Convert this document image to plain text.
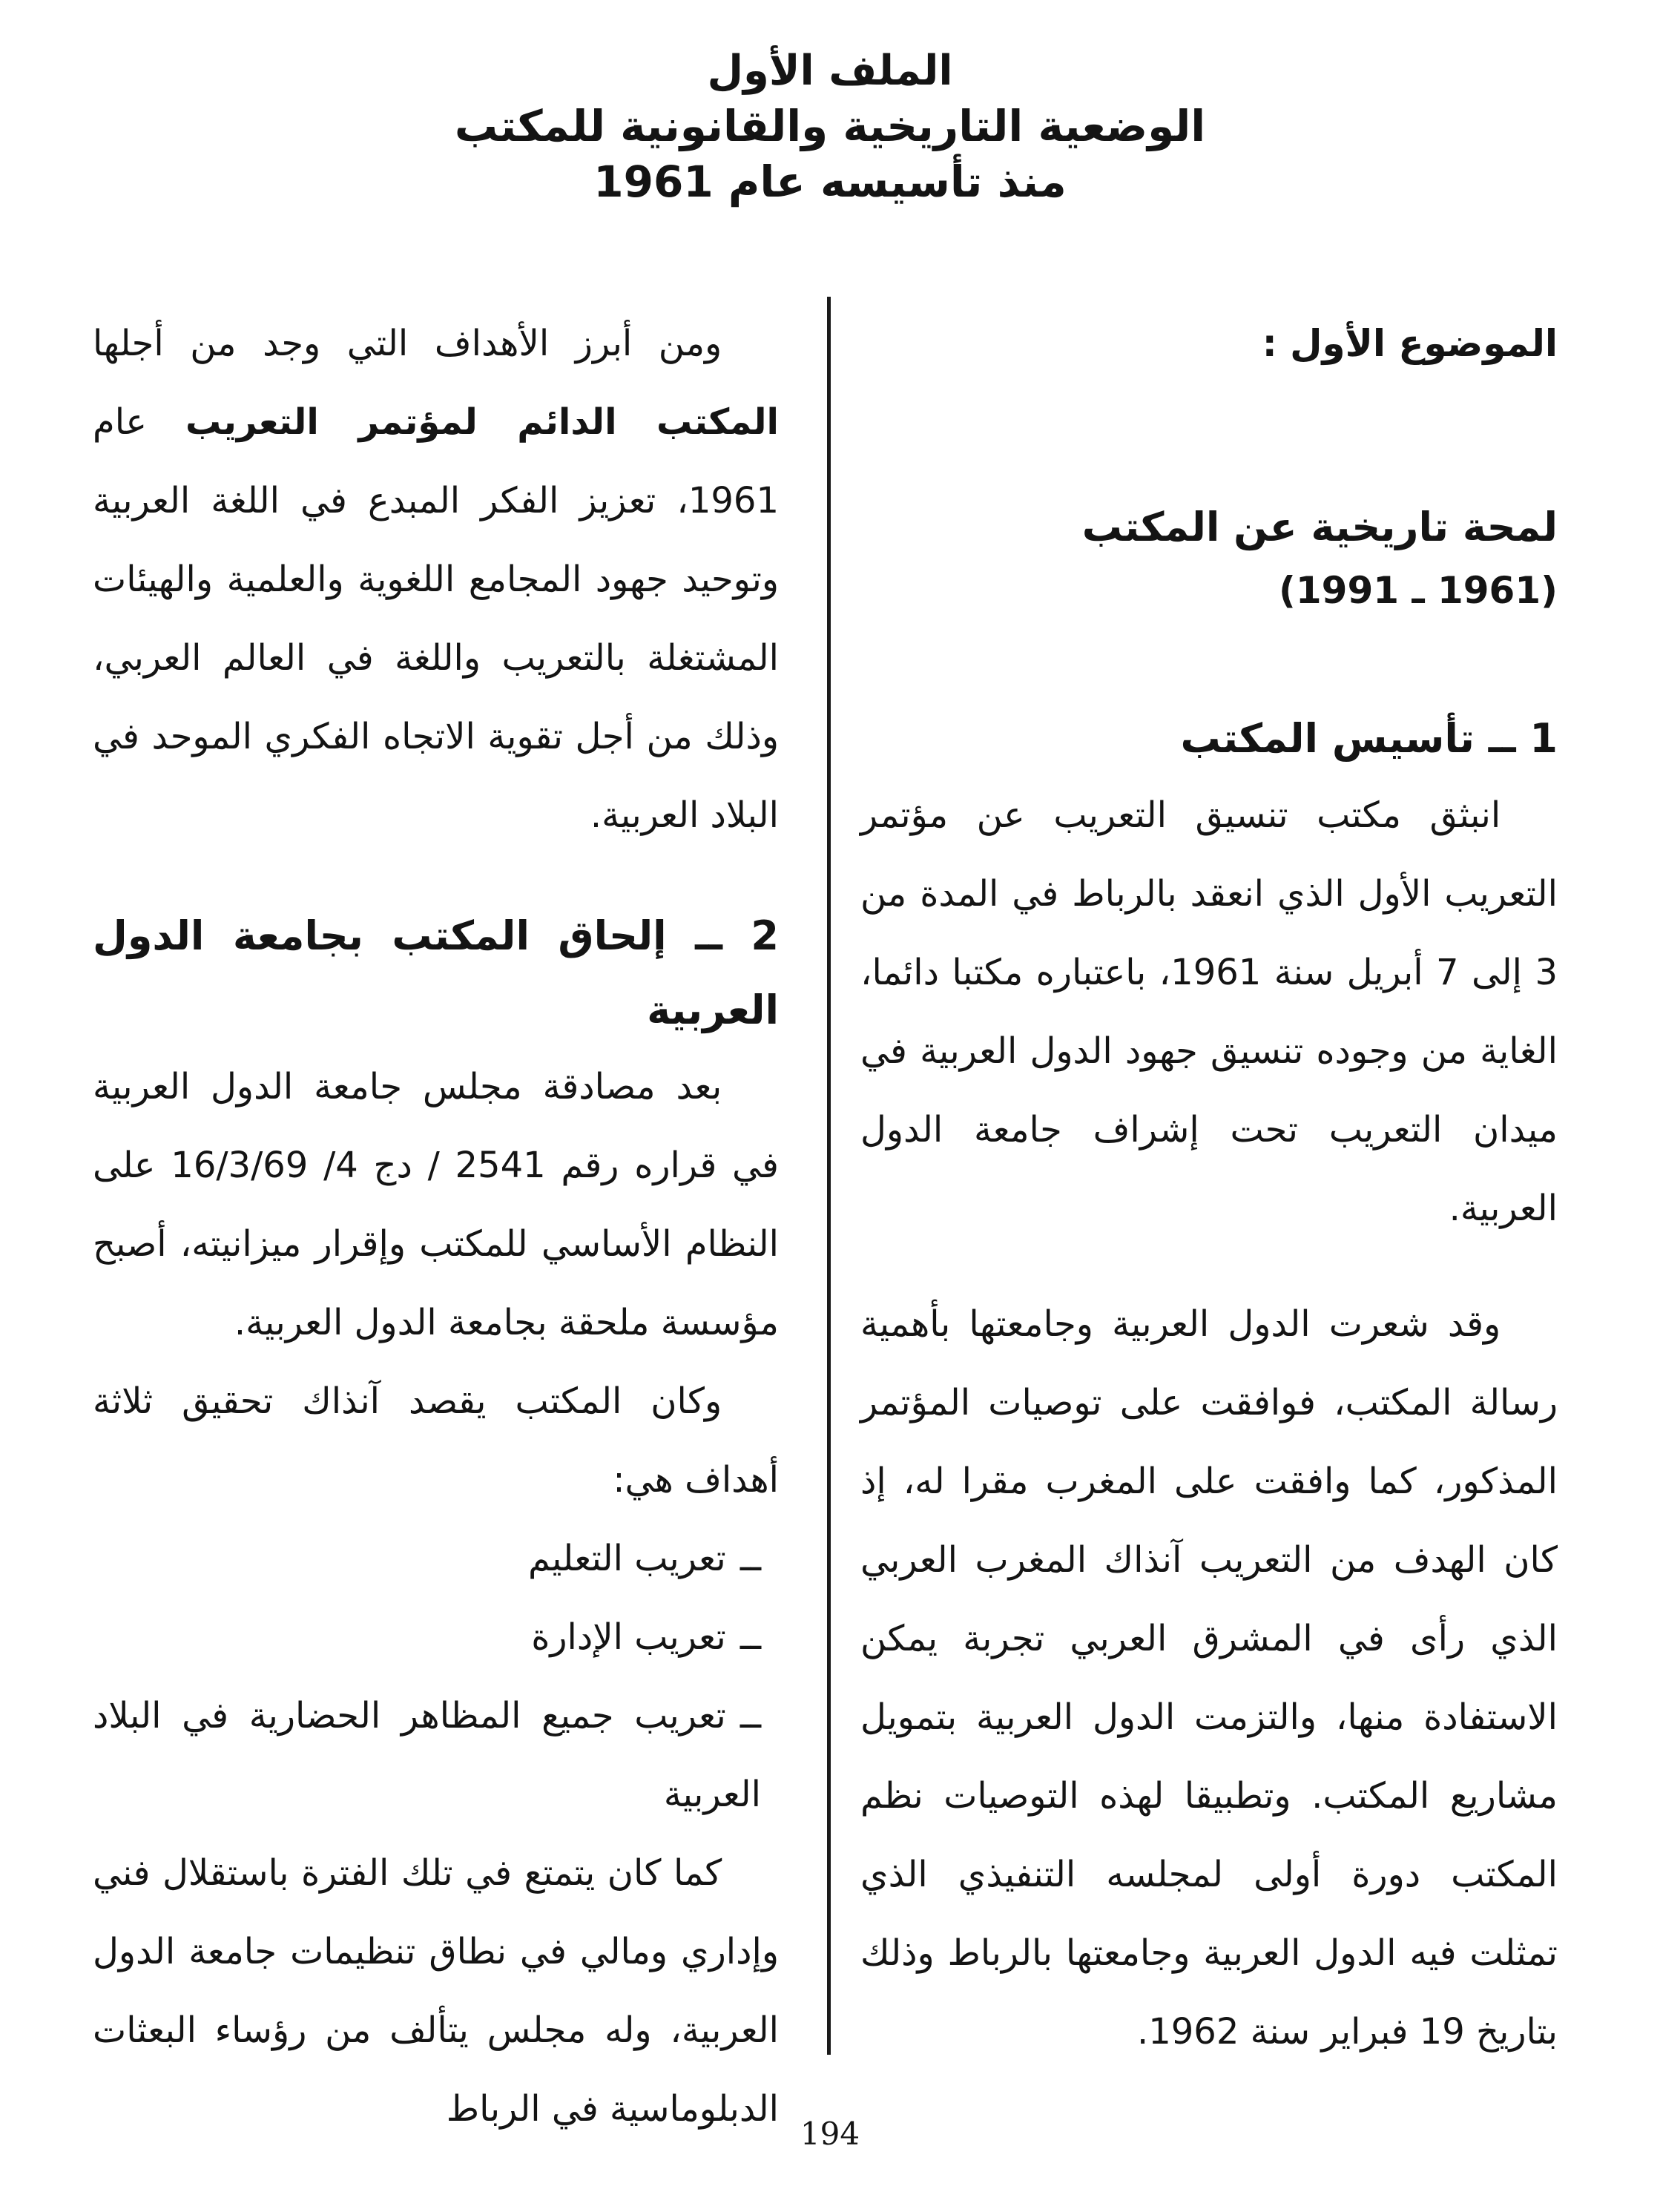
الملف الأول
الوضعية التاريخية والقانونية للمكتب
منذ تأسيسه عام 1961
الموضوع الأول :
لمحة تاريخية عن المكتب
(1961 ـ 1991)
1 ــ تأسيس المكتب

انبثق مكتب تنسيق التعريب عن مؤتمر التعريب الأول الذي انعقد بالرباط في المدة من 3 إلى 7 أبريل سنة 1961، باعتباره مكتبا دائما، الغاية من وجوده تنسيق جهود الدول العربية في ميدان التعريب تحت إشراف جامعة الدول العربية.

وقد شعرت الدول العربية وجامعتها بأهمية رسالة المكتب، فوافقت على توصيات المؤتمر المذكور، كما وافقت على المغرب مقرا له، إذ كان الهدف من التعريب آنذاك المغرب العربي الذي رأى في المشرق العربي تجربة يمكن الاستفادة منها، والتزمت الدول العربية بتمويل مشاريع المكتب. وتطبيقا لهذه التوصيات نظم المكتب دورة أولى لمجلسه التنفيذي الذي تمثلت فيه الدول العربية وجامعتها بالرباط وذلك بتاريخ 19 فبراير سنة 1962.

ومن أبرز الأهداف التي وجد من أجلها المكتب الدائم لمؤتمر التعريب عام 1961، تعزيز الفكر المبدع في اللغة العربية وتوحيد جهود المجامع اللغوية والعلمية والهيئات المشتغلة بالتعريب واللغة في العالم العربي، وذلك من أجل تقوية الاتجاه الفكري الموحد في البلاد العربية.

2 ــ إلحاق المكتب بجامعة الدول العربية

بعد مصادقة مجلس جامعة الدول العربية في قراره رقم 2541 / دج 4/ 16/3/69 على النظام الأساسي للمكتب وإقرار ميزانيته، أصبح مؤسسة ملحقة بجامعة الدول العربية.

وكان المكتب يقصد آنذاك تحقيق ثلاثة أهداف هي:

ــتعريب التعليم

ــتعريب الإدارة

ــتعريب جميع المظاهر الحضارية في البلاد العربية

كما كان يتمتع في تلك الفترة باستقلال فني وإداري ومالي في نطاق تنظيمات جامعة الدول العربية، وله مجلس يتألف من رؤساء البعثات الدبلوماسية في الرباط

194
